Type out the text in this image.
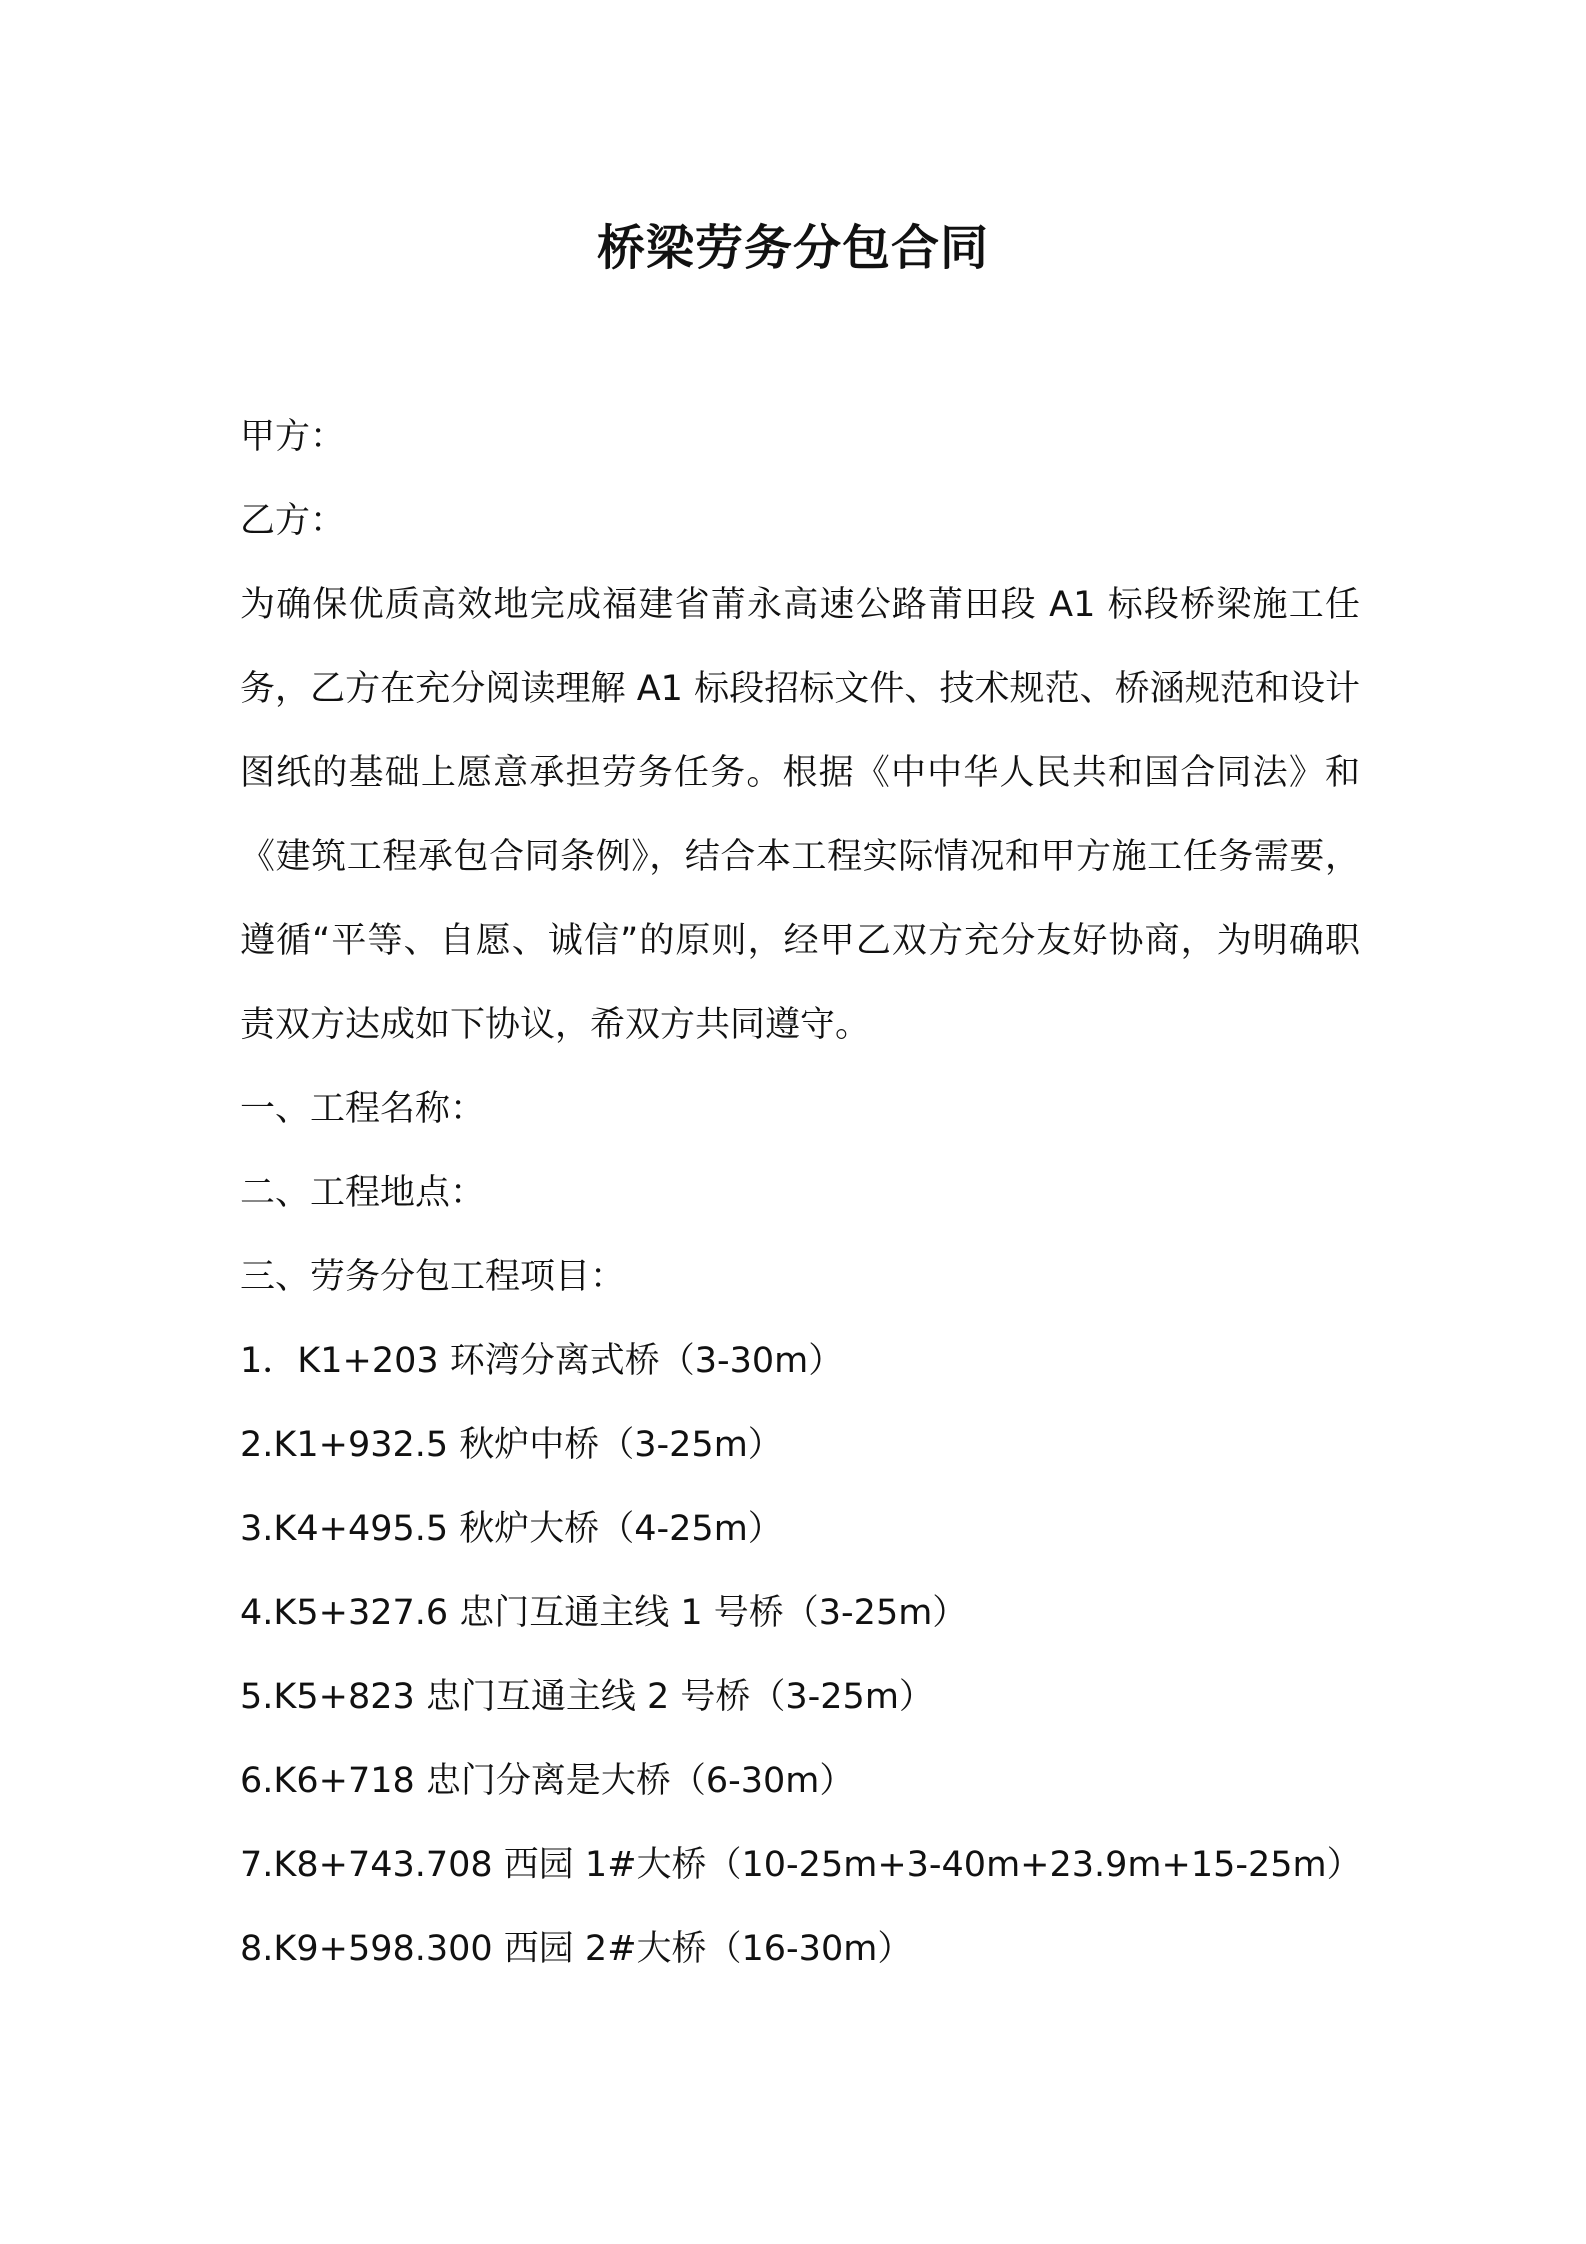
桥梁劳务分包合同

甲方：

乙方：

为确保优质高效地完成福建省莆永高速公路莆田段 A1 标段桥梁施工任务，乙方在充分阅读理解 A1 标段招标文件、技术规范、桥涵规范和设计图纸的基础上愿意承担劳务任务。根据《中中华人民共和国合同法》和《建筑工程承包合同条例》，结合本工程实际情况和甲方施工任务需要，遵循“平等、自愿、诚信”的原则，经甲乙双方充分友好协商，为明确职责双方达成如下协议，希双方共同遵守。

一、工程名称：

二、工程地点：

三、劳务分包工程项目：

1．K1+203 环湾分离式桥（3-30m）
2.K1+932.5 秋炉中桥（3-25m）
3.K4+495.5 秋炉大桥（4-25m）
4.K5+327.6 忠门互通主线 1 号桥（3-25m）
5.K5+823 忠门互通主线 2 号桥（3-25m）
6.K6+718 忠门分离是大桥（6-30m）
7.K8+743.708 西园 1#大桥（10-25m+3-40m+23.9m+15-25m）
8.K9+598.300 西园 2#大桥（16-30m）
